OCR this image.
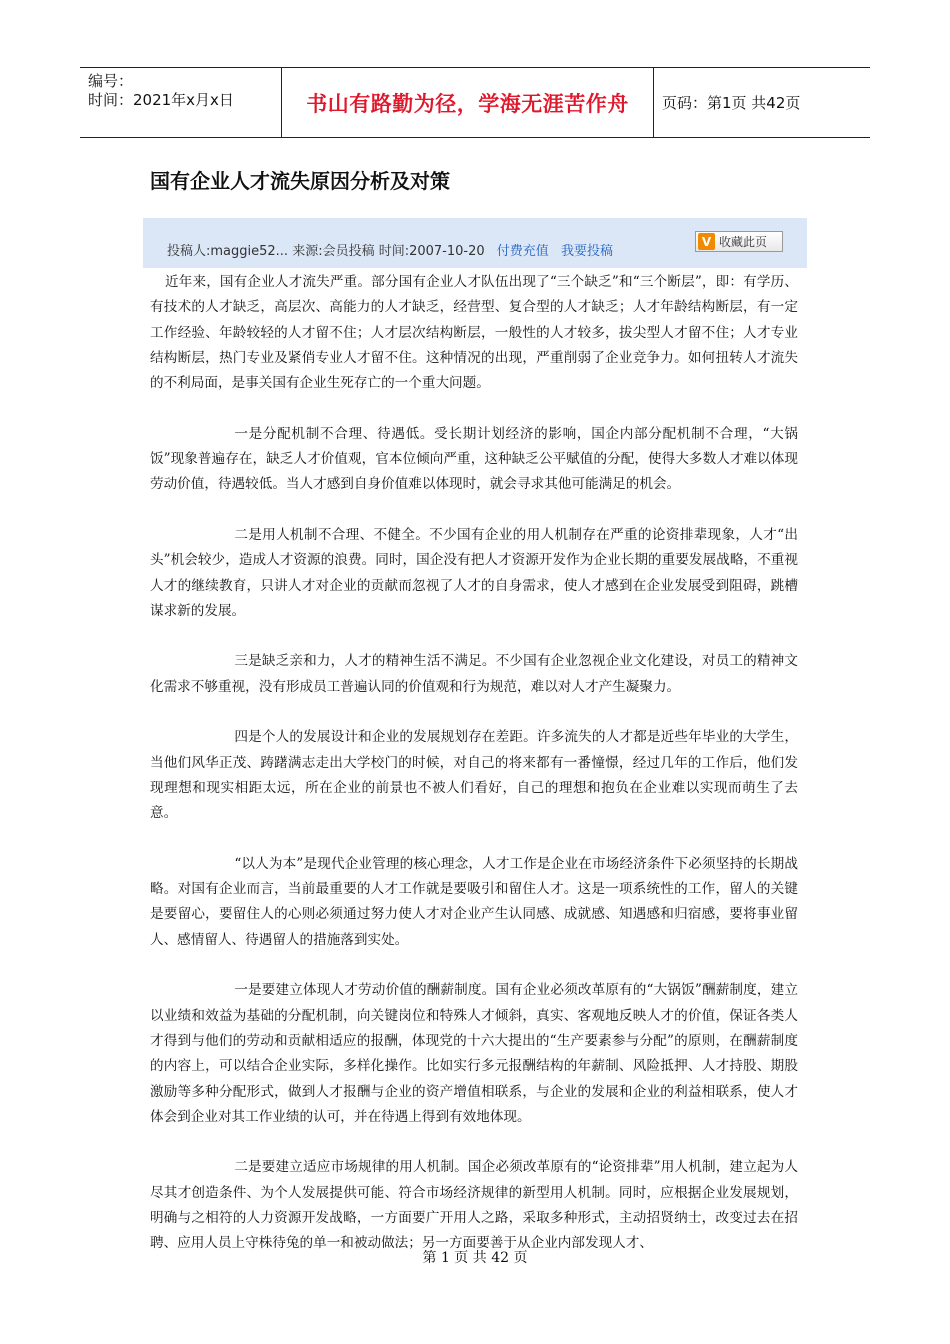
编号：
时间：2021年x月x日	书山有路勤为径，学海无涯苦作舟	页码：第1页 共42页
国有企业人才流失原因分析及对策
投稿人:maggie52... 来源:会员投稿 时间:2007-10-20 付费充值 我要投稿
V 收藏此页

近年来，国有企业人才流失严重。部分国有企业人才队伍出现了“三个缺乏”和“三个断层”，即：有学历、有技术的人才缺乏，高层次、高能力的人才缺乏，经营型、复合型的人才缺乏；人才年龄结构断层，有一定工作经验、年龄较轻的人才留不住；人才层次结构断层，一般性的人才较多，拔尖型人才留不住；人才专业结构断层，热门专业及紧俏专业人才留不住。这种情况的出现，严重削弱了企业竞争力。如何扭转人才流失的不利局面，是事关国有企业生死存亡的一个重大问题。

一是分配机制不合理、待遇低。受长期计划经济的影响，国企内部分配机制不合理，“大锅饭”现象普遍存在，缺乏人才价值观，官本位倾向严重，这种缺乏公平赋值的分配，使得大多数人才难以体现劳动价值，待遇较低。当人才感到自身价值难以体现时，就会寻求其他可能满足的机会。

二是用人机制不合理、不健全。不少国有企业的用人机制存在严重的论资排辈现象，人才“出头”机会较少，造成人才资源的浪费。同时，国企没有把人才资源开发作为企业长期的重要发展战略，不重视人才的继续教育，只讲人才对企业的贡献而忽视了人才的自身需求，使人才感到在企业发展受到阻碍，跳槽谋求新的发展。

三是缺乏亲和力，人才的精神生活不满足。不少国有企业忽视企业文化建设，对员工的精神文化需求不够重视，没有形成员工普遍认同的价值观和行为规范，难以对人才产生凝聚力。

四是个人的发展设计和企业的发展规划存在差距。许多流失的人才都是近些年毕业的大学生，当他们风华正茂、踌躇满志走出大学校门的时候，对自己的将来都有一番憧憬，经过几年的工作后，他们发现理想和现实相距太远，所在企业的前景也不被人们看好，自己的理想和抱负在企业难以实现而萌生了去意。

“以人为本”是现代企业管理的核心理念，人才工作是企业在市场经济条件下必须坚持的长期战略。对国有企业而言，当前最重要的人才工作就是要吸引和留住人才。这是一项系统性的工作，留人的关键是要留心，要留住人的心则必须通过努力使人才对企业产生认同感、成就感、知遇感和归宿感，要将事业留人、感情留人、待遇留人的措施落到实处。

一是要建立体现人才劳动价值的酬薪制度。国有企业必须改革原有的“大锅饭”酬薪制度，建立以业绩和效益为基础的分配机制，向关键岗位和特殊人才倾斜，真实、客观地反映人才的价值，保证各类人才得到与他们的劳动和贡献相适应的报酬，体现党的十六大提出的“生产要素参与分配”的原则，在酬薪制度的内容上，可以结合企业实际，多样化操作。比如实行多元报酬结构的年薪制、风险抵押、人才持股、期股激励等多种分配形式，做到人才报酬与企业的资产增值相联系，与企业的发展和企业的利益相联系，使人才体会到企业对其工作业绩的认可，并在待遇上得到有效地体现。

二是要建立适应市场规律的用人机制。国企必须改革原有的“论资排辈”用人机制，建立起为人尽其才创造条件、为个人发展提供可能、符合市场经济规律的新型用人机制。同时，应根据企业发展规划，明确与之相符的人力资源开发战略，一方面要广开用人之路，采取多种形式，主动招贤纳士，改变过去在招聘、应用人员上守株待兔的单一和被动做法；另一方面要善于从企业内部发现人才、

第 1 页 共 42 页
